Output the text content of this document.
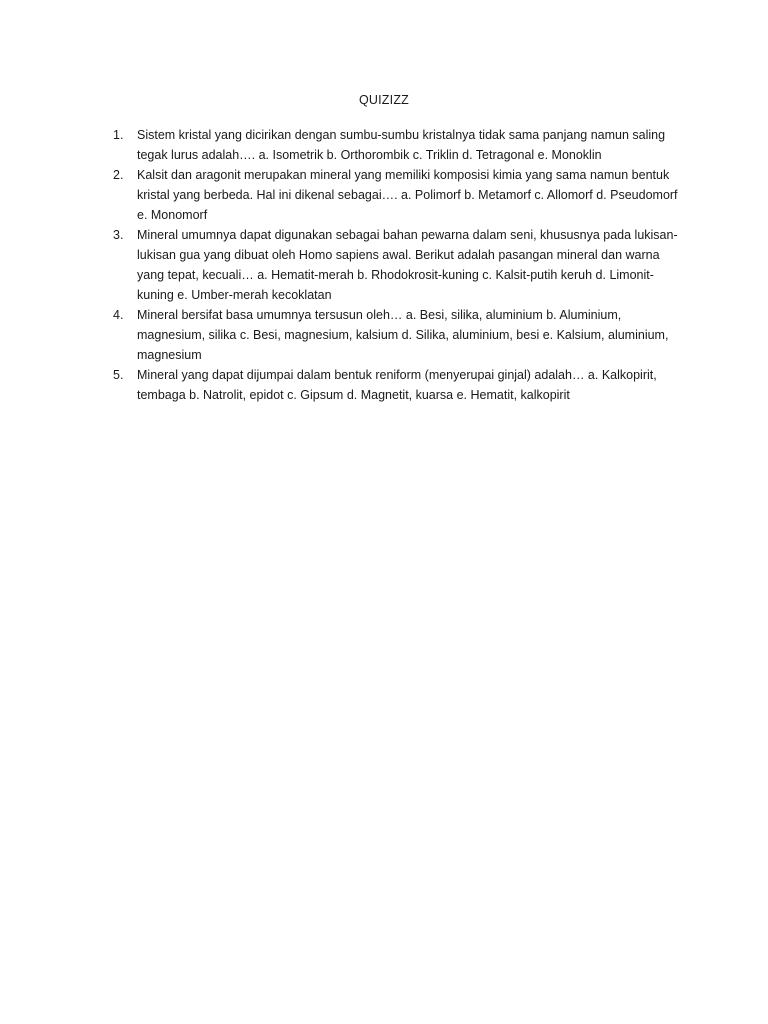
QUIZIZZ
1.	Sistem kristal yang dicirikan dengan sumbu-sumbu kristalnya tidak sama panjang namun saling tegak lurus adalah…. a. Isometrik b. Orthorombik c. Triklin d. Tetragonal e. Monoklin
2.	Kalsit dan aragonit merupakan mineral yang memiliki komposisi kimia yang sama namun bentuk kristal yang berbeda. Hal ini dikenal sebagai…. a. Polimorf b. Metamorf c. Allomorf d. Pseudomorf e. Monomorf
3.	Mineral umumnya dapat digunakan sebagai bahan pewarna dalam seni, khususnya pada lukisan-lukisan gua yang dibuat oleh Homo sapiens awal. Berikut adalah pasangan mineral dan warna yang tepat, kecuali… a. Hematit-merah b. Rhodokrosit-kuning c. Kalsit-putih keruh d. Limonit-kuning e. Umber-merah kecoklatan
4.	Mineral bersifat basa umumnya tersusun oleh… a. Besi, silika, aluminium b. Aluminium, magnesium, silika c. Besi, magnesium, kalsium d. Silika, aluminium, besi e. Kalsium, aluminium, magnesium
5.	Mineral yang dapat dijumpai dalam bentuk reniform (menyerupai ginjal) adalah… a. Kalkopirit, tembaga b. Natrolit, epidot c. Gipsum d. Magnetit, kuarsa e. Hematit, kalkopirit
